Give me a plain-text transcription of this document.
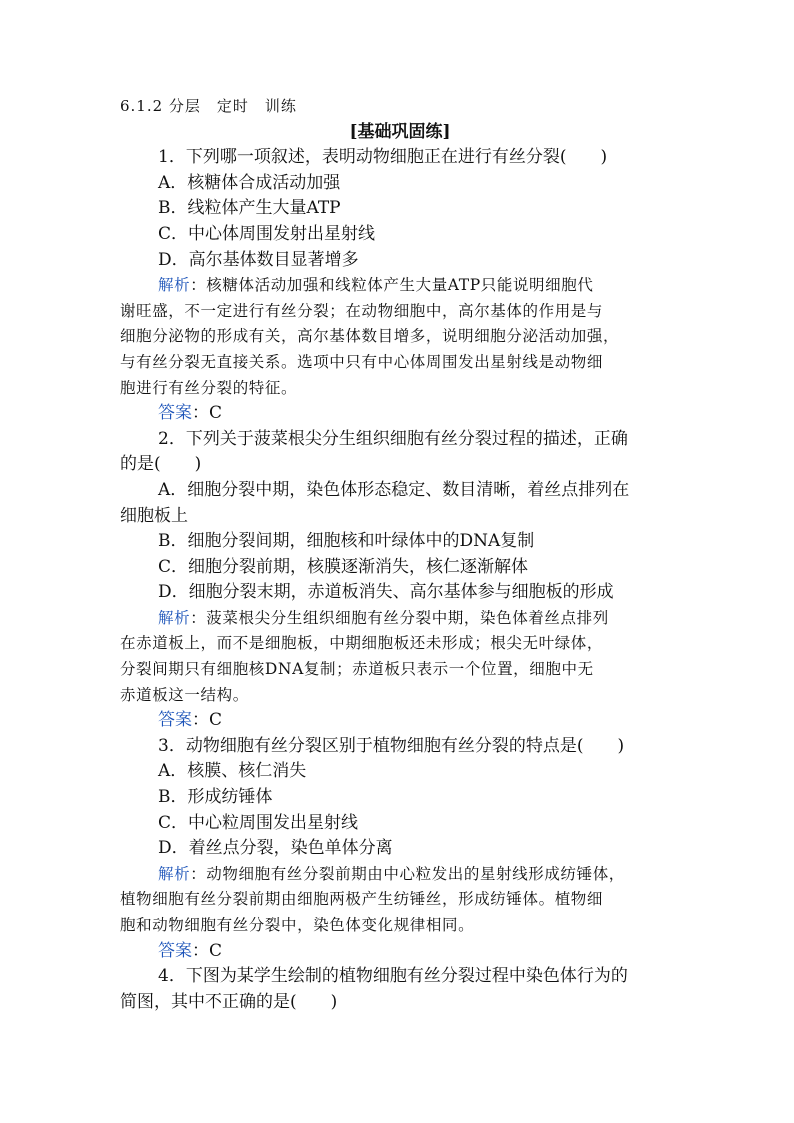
6.1.2 分层　定时　训练

[基础巩固练]

1．下列哪一项叙述，表明动物细胞正在进行有丝分裂(　　)

A．核糖体合成活动加强

B．线粒体产生大量ATP

C．中心体周围发射出星射线

D．高尔基体数目显著增多

解析：核糖体活动加强和线粒体产生大量ATP只能说明细胞代

谢旺盛，不一定进行有丝分裂；在动物细胞中，高尔基体的作用是与

细胞分泌物的形成有关，高尔基体数目增多，说明细胞分泌活动加强，

与有丝分裂无直接关系。选项中只有中心体周围发出星射线是动物细

胞进行有丝分裂的特征。

答案：C

2．下列关于菠菜根尖分生组织细胞有丝分裂过程的描述，正确

的是(　　)

A．细胞分裂中期，染色体形态稳定、数目清晰，着丝点排列在

细胞板上

B．细胞分裂间期，细胞核和叶绿体中的DNA复制

C．细胞分裂前期，核膜逐渐消失，核仁逐渐解体

D．细胞分裂末期，赤道板消失、高尔基体参与细胞板的形成

解析：菠菜根尖分生组织细胞有丝分裂中期，染色体着丝点排列

在赤道板上，而不是细胞板，中期细胞板还未形成；根尖无叶绿体，

分裂间期只有细胞核DNA复制；赤道板只表示一个位置，细胞中无

赤道板这一结构。

答案：C

3．动物细胞有丝分裂区别于植物细胞有丝分裂的特点是(　　)

A．核膜、核仁消失

B．形成纺锤体

C．中心粒周围发出星射线

D．着丝点分裂，染色单体分离

解析：动物细胞有丝分裂前期由中心粒发出的星射线形成纺锤体，

植物细胞有丝分裂前期由细胞两极产生纺锤丝，形成纺锤体。植物细

胞和动物细胞有丝分裂中，染色体变化规律相同。

答案：C

4．下图为某学生绘制的植物细胞有丝分裂过程中染色体行为的

简图，其中不正确的是(　　)
